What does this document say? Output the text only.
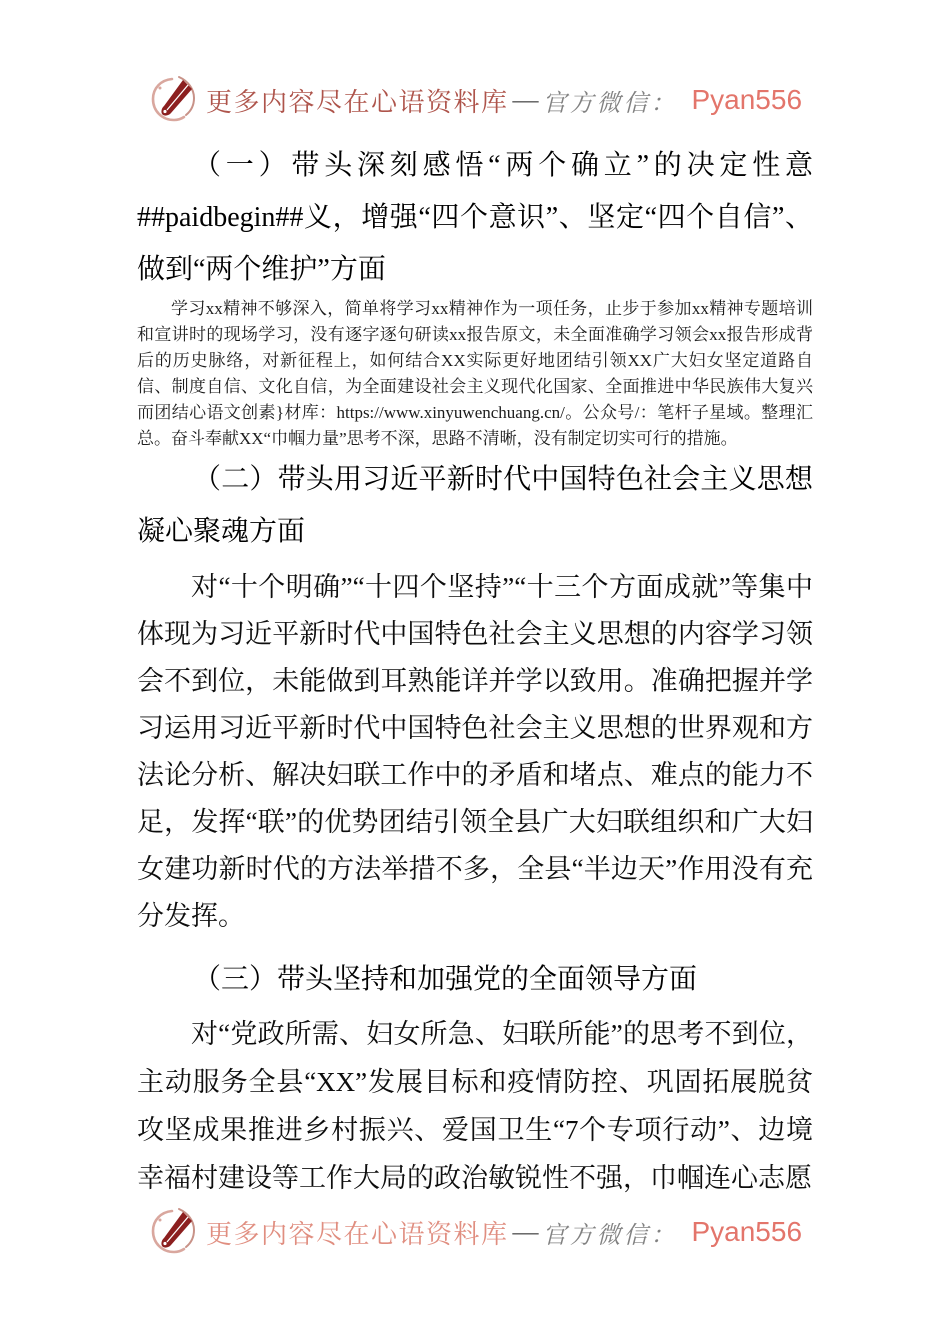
更多内容尽在心语资料库 — 官方微信： Pyan556
（一）带头深刻感悟“两个确立”的决定性意##paidbegin##义，增强“四个意识”、坚定“四个自信”、做到“两个维护”方面

学习xx精神不够深入，简单将学习xx精神作为一项任务，止步于参加xx精神专题培训和宣讲时的现场学习，没有逐字逐句研读xx报告原文，未全面准确学习领会xx报告形成背后的历史脉络，对新征程上，如何结合XX实际更好地团结引领XX广大妇女坚定道路自信、制度自信、文化自信，为全面建设社会主义现代化国家、全面推进中华民族伟大复兴而团结心语文创素}材库：https://www.xinyuwenchuang.cn/。公众号/：笔杆子星域。整理汇总。奋斗奉献XX“巾帼力量”思考不深，思路不清晰，没有制定切实可行的措施。

（二）带头用习近平新时代中国特色社会主义思想凝心聚魂方面

对“十个明确”“十四个坚持”“十三个方面成就”等集中体现为习近平新时代中国特色社会主义思想的内容学习领会不到位，未能做到耳熟能详并学以致用。准确把握并学习运用习近平新时代中国特色社会主义思想的世界观和方法论分析、解决妇联工作中的矛盾和堵点、难点的能力不足，发挥“联”的优势团结引领全县广大妇联组织和广大妇女建功新时代的方法举措不多，全县“半边天”作用没有充分发挥。

（三）带头坚持和加强党的全面领导方面

对“党政所需、妇女所急、妇联所能”的思考不到位，主动服务全县“XX”发展目标和疫情防控、巩固拓展脱贫攻坚成果推进乡村振兴、爱国卫生“7个专项行动”、边境幸福村建设等工作大局的政治敏锐性不强，巾帼连心志愿

更多内容尽在心语资料库 — 官方微信： Pyan556
